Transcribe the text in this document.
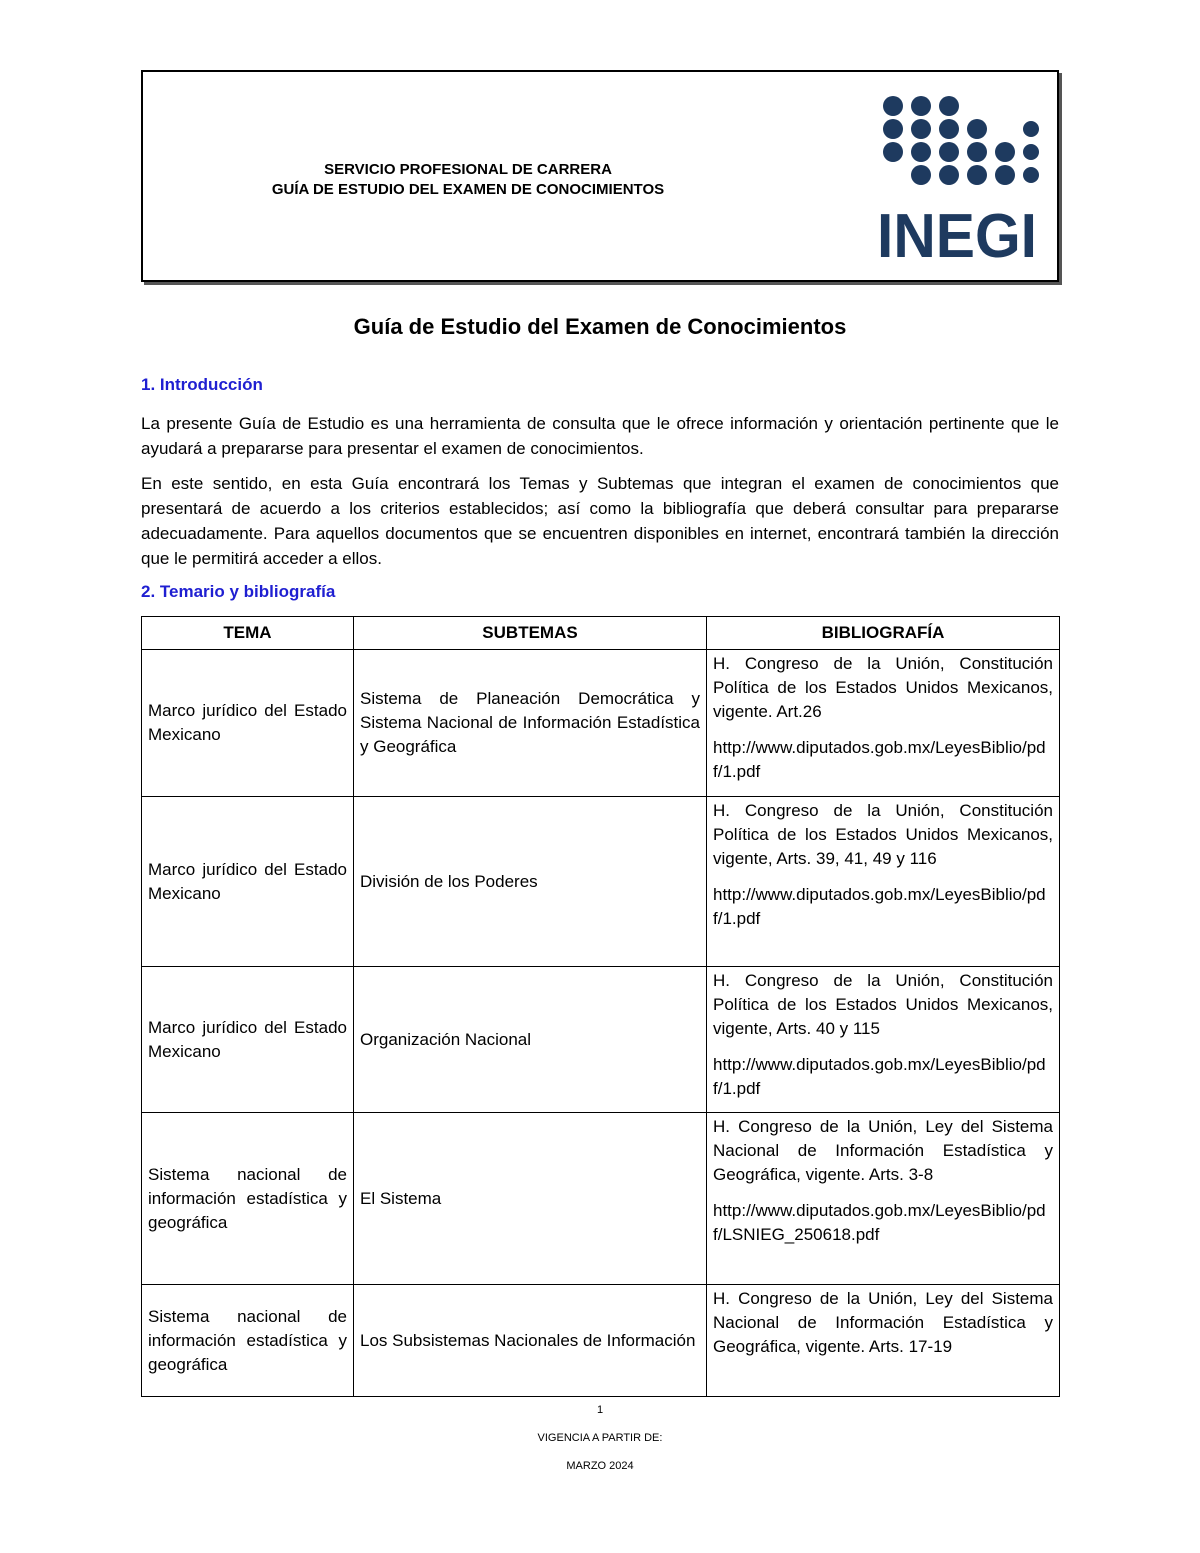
SERVICIO PROFESIONAL DE CARRERA
GUÍA DE ESTUDIO DEL EXAMEN DE CONOCIMIENTOS
INEGI
Guía de Estudio del Examen de Conocimientos
1. Introducción
La presente Guía de Estudio es una herramienta de consulta que le ofrece información y orientación pertinente que le ayudará a prepararse para presentar el examen de conocimientos.
En este sentido, en esta Guía encontrará los Temas y Subtemas que integran el examen de conocimientos que presentará de acuerdo a los criterios establecidos; así como la bibliografía que deberá consultar para prepararse adecuadamente. Para aquellos documentos que se encuentren disponibles en internet, encontrará también la dirección que le permitirá acceder a ellos.
2. Temario y bibliografía
TEMA	SUBTEMAS	BIBLIOGRAFÍA
Marco jurídico del Estado Mexicano	Sistema de Planeación Democrática y Sistema Nacional de Información Estadística y Geográfica	H. Congreso de la Unión, Constitución Política de los Estados Unidos Mexicanos, vigente. Art.26

http://www.diputados.gob.mx/LeyesBiblio/pdf/1.pdf

Marco jurídico del Estado Mexicano	División de los Poderes	H. Congreso de la Unión, Constitución Política de los Estados Unidos Mexicanos, vigente, Arts. 39, 41, 49 y 116

http://www.diputados.gob.mx/LeyesBiblio/pdf/1.pdf

Marco jurídico del Estado Mexicano	Organización Nacional	H. Congreso de la Unión, Constitución Política de los Estados Unidos Mexicanos, vigente, Arts. 40 y 115

http://www.diputados.gob.mx/LeyesBiblio/pdf/1.pdf

Sistema nacional de información estadística y geográfica	El Sistema	H. Congreso de la Unión, Ley del Sistema Nacional de Información Estadística y Geográfica, vigente. Arts. 3-8

http://www.diputados.gob.mx/LeyesBiblio/pdf/LSNIEG_250618.pdf

Sistema nacional de información estadística y geográfica	Los Subsistemas Nacionales de Información	H. Congreso de la Unión, Ley del Sistema Nacional de Información Estadística y Geográfica, vigente. Arts. 17-19

1
VIGENCIA A PARTIR DE:
MARZO 2024
